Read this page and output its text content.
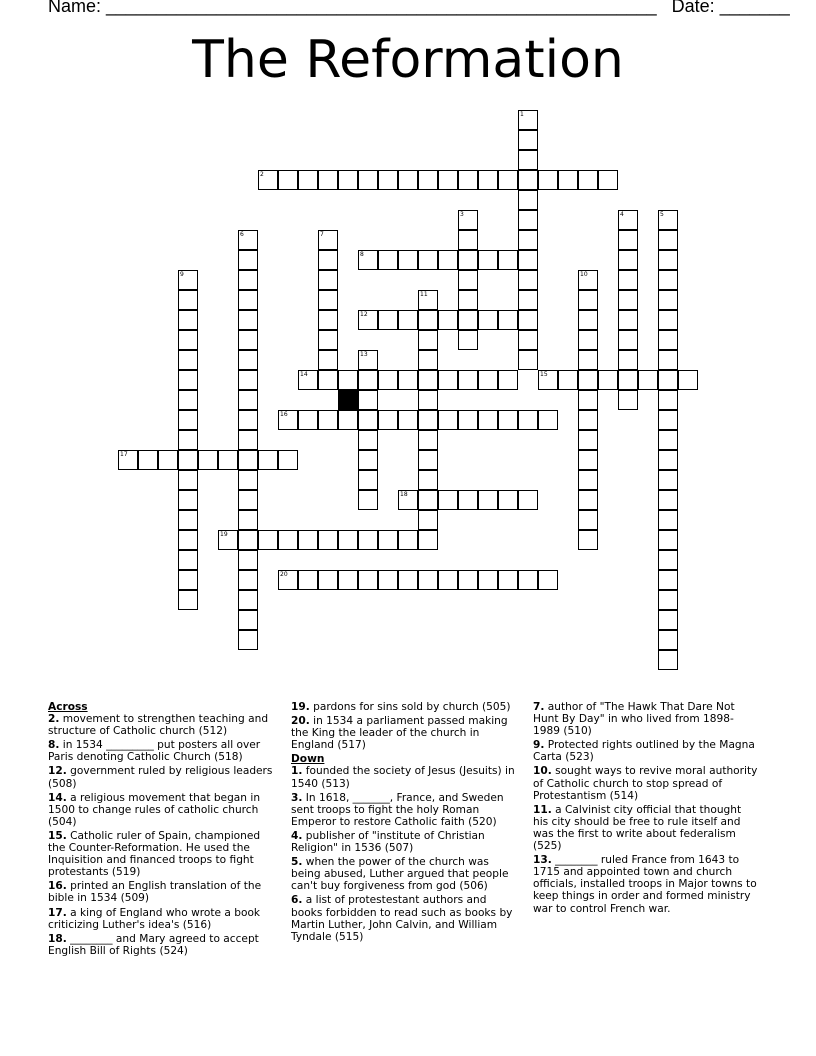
Name: _______________________________________________________ Date: _______
The Reformation
1
2
3	4	5
6	7
8
9	10
11
12
13
14	15
16
17
18
19
20
Across
2. movement to strengthen teaching and structure of Catholic church (512)
8. in 1534 _________ put posters all over Paris denoting Catholic Church (518)
12. government ruled by religious leaders (508)
14. a religious movement that began in 1500 to change rules of catholic church (504)
15. Catholic ruler of Spain, championed the Counter-Reformation. He used the Inquisition and financed troops to fight protestants (519)
16. printed an English translation of the bible in 1534 (509)
17. a king of England who wrote a book criticizing Luther's idea's (516)
18. ________ and Mary agreed to accept English Bill of Rights (524)
19. pardons for sins sold by church (505)
20. in 1534 a parliament passed making the King the leader of the church in England (517)
Down
1. founded the society of Jesus (Jesuits) in 1540 (513)
3. In 1618, _______, France, and Sweden sent troops to fight the holy Roman Emperor to restore Catholic faith (520)
4. publisher of "institute of Christian Religion" in 1536 (507)
5. when the power of the church was being abused, Luther argued that people can't buy forgiveness from god (506)
6. a list of protestestant authors and books forbidden to read such as books by Martin Luther, John Calvin, and William Tyndale (515)
7. author of "The Hawk That Dare Not Hunt By Day" in who lived from 1898-1989 (510)
9. Protected rights outlined by the Magna Carta (523)
10. sought ways to revive moral authority of Catholic church to stop spread of Protestantism (514)
11. a Calvinist city official that thought his city should be free to rule itself and was the first to write about federalism (525)
13. ________ ruled France from 1643 to 1715 and appointed town and church officials, installed troops in Major towns to keep things in order and formed ministry war to control French war.
